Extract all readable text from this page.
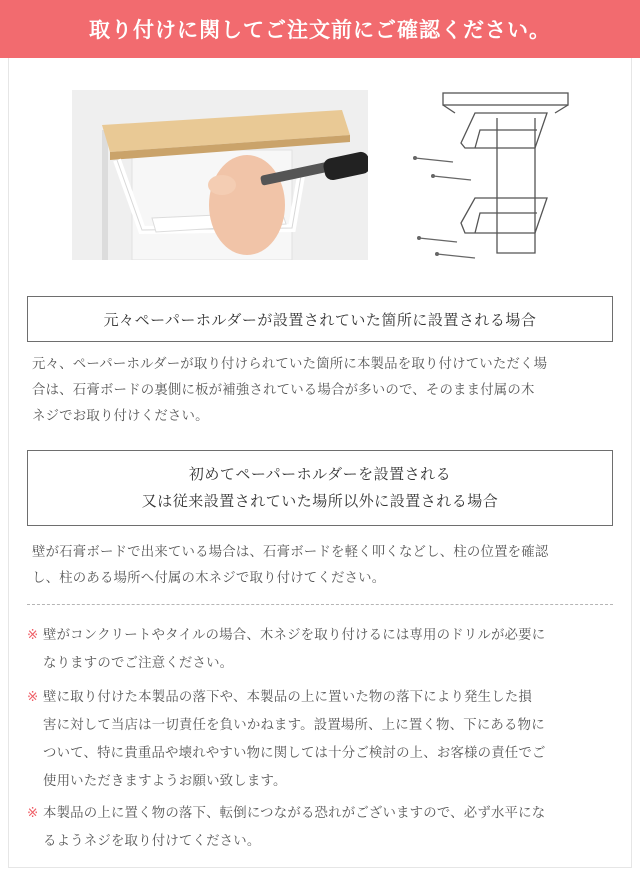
取り付けに関してご注文前にご確認ください。
元々ペーパーホルダーが設置されていた箇所に設置される場合
元々、ペーパーホルダーが取り付けられていた箇所に本製品を取り付けていただく場
合は、石膏ボードの裏側に板が補強されている場合が多いので、そのまま付属の木
ネジでお取り付けください。
初めてペーパーホルダーを設置される
又は従来設置されていた場所以外に設置される場合
壁が石膏ボードで出来ている場合は、石膏ボードを軽く叩くなどし、柱の位置を確認
し、柱のある場所へ付属の木ネジで取り付けてください。
※ 壁がコンクリートやタイルの場合、木ネジを取り付けるには専用のドリルが必要に
なりますのでご注意ください。
※ 壁に取り付けた本製品の落下や、本製品の上に置いた物の落下により発生した損
害に対して当店は一切責任を負いかねます。設置場所、上に置く物、下にある物に
ついて、特に貴重品や壊れやすい物に関しては十分ご検討の上、お客様の責任でご
使用いただきますようお願い致します。
※ 本製品の上に置く物の落下、転倒につながる恐れがございますので、必ず水平にな
るようネジを取り付けてください。
